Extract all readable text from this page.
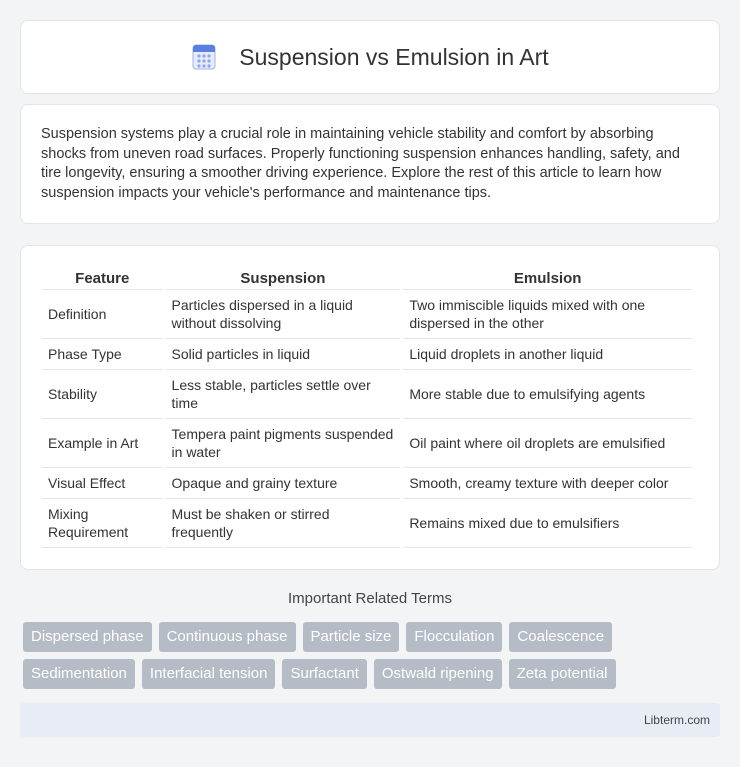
Suspension vs Emulsion in Art

Suspension systems play a crucial role in maintaining vehicle stability and comfort by absorbing shocks from uneven road surfaces. Properly functioning suspension enhances handling, safety, and tire longevity, ensuring a smoother driving experience. Explore the rest of this article to learn how suspension impacts your vehicle's performance and maintenance tips.

Feature	Suspension	Emulsion
Definition	Particles dispersed in a liquid without dissolving	Two immiscible liquids mixed with one dispersed in the other
Phase Type	Solid particles in liquid	Liquid droplets in another liquid
Stability	Less stable, particles settle over time	More stable due to emulsifying agents
Example in Art	Tempera paint pigments suspended in water	Oil paint where oil droplets are emulsified
Visual Effect	Opaque and grainy texture	Smooth, creamy texture with deeper color
Mixing Requirement	Must be shaken or stirred frequently	Remains mixed due to emulsifiers
Important Related Terms
Dispersed phase	Continuous phase	Particle size	Flocculation	Coalescence
Sedimentation	Interfacial tension	Surfactant	Ostwald ripening	Zeta potential
Libterm.com
